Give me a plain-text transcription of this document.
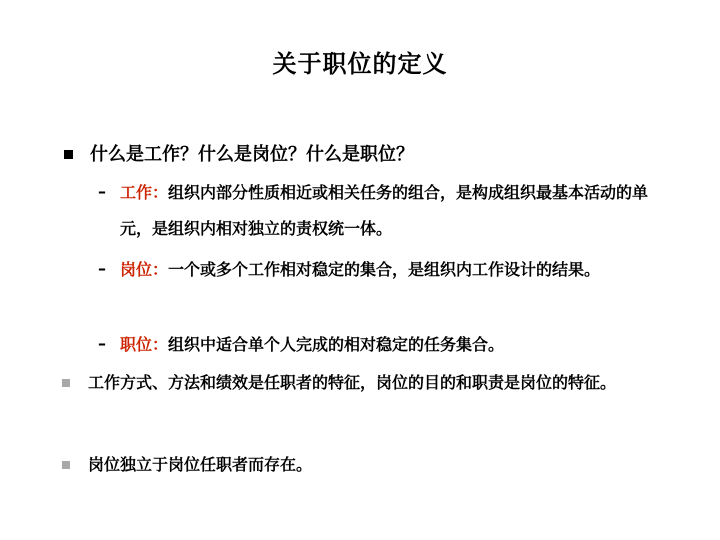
关于职位的定义
什么是工作？什么是岗位？什么是职位？
– 工作：组织内部分性质相近或相关任务的组合，是构成组织最基本活动的单元，是组织内相对独立的责权统一体。
– 岗位：一个或多个工作相对稳定的集合，是组织内工作设计的结果。
– 职位：组织中适合单个人完成的相对稳定的任务集合。
工作方式、方法和绩效是任职者的特征，岗位的目的和职责是岗位的特征。
岗位独立于岗位任职者而存在。
